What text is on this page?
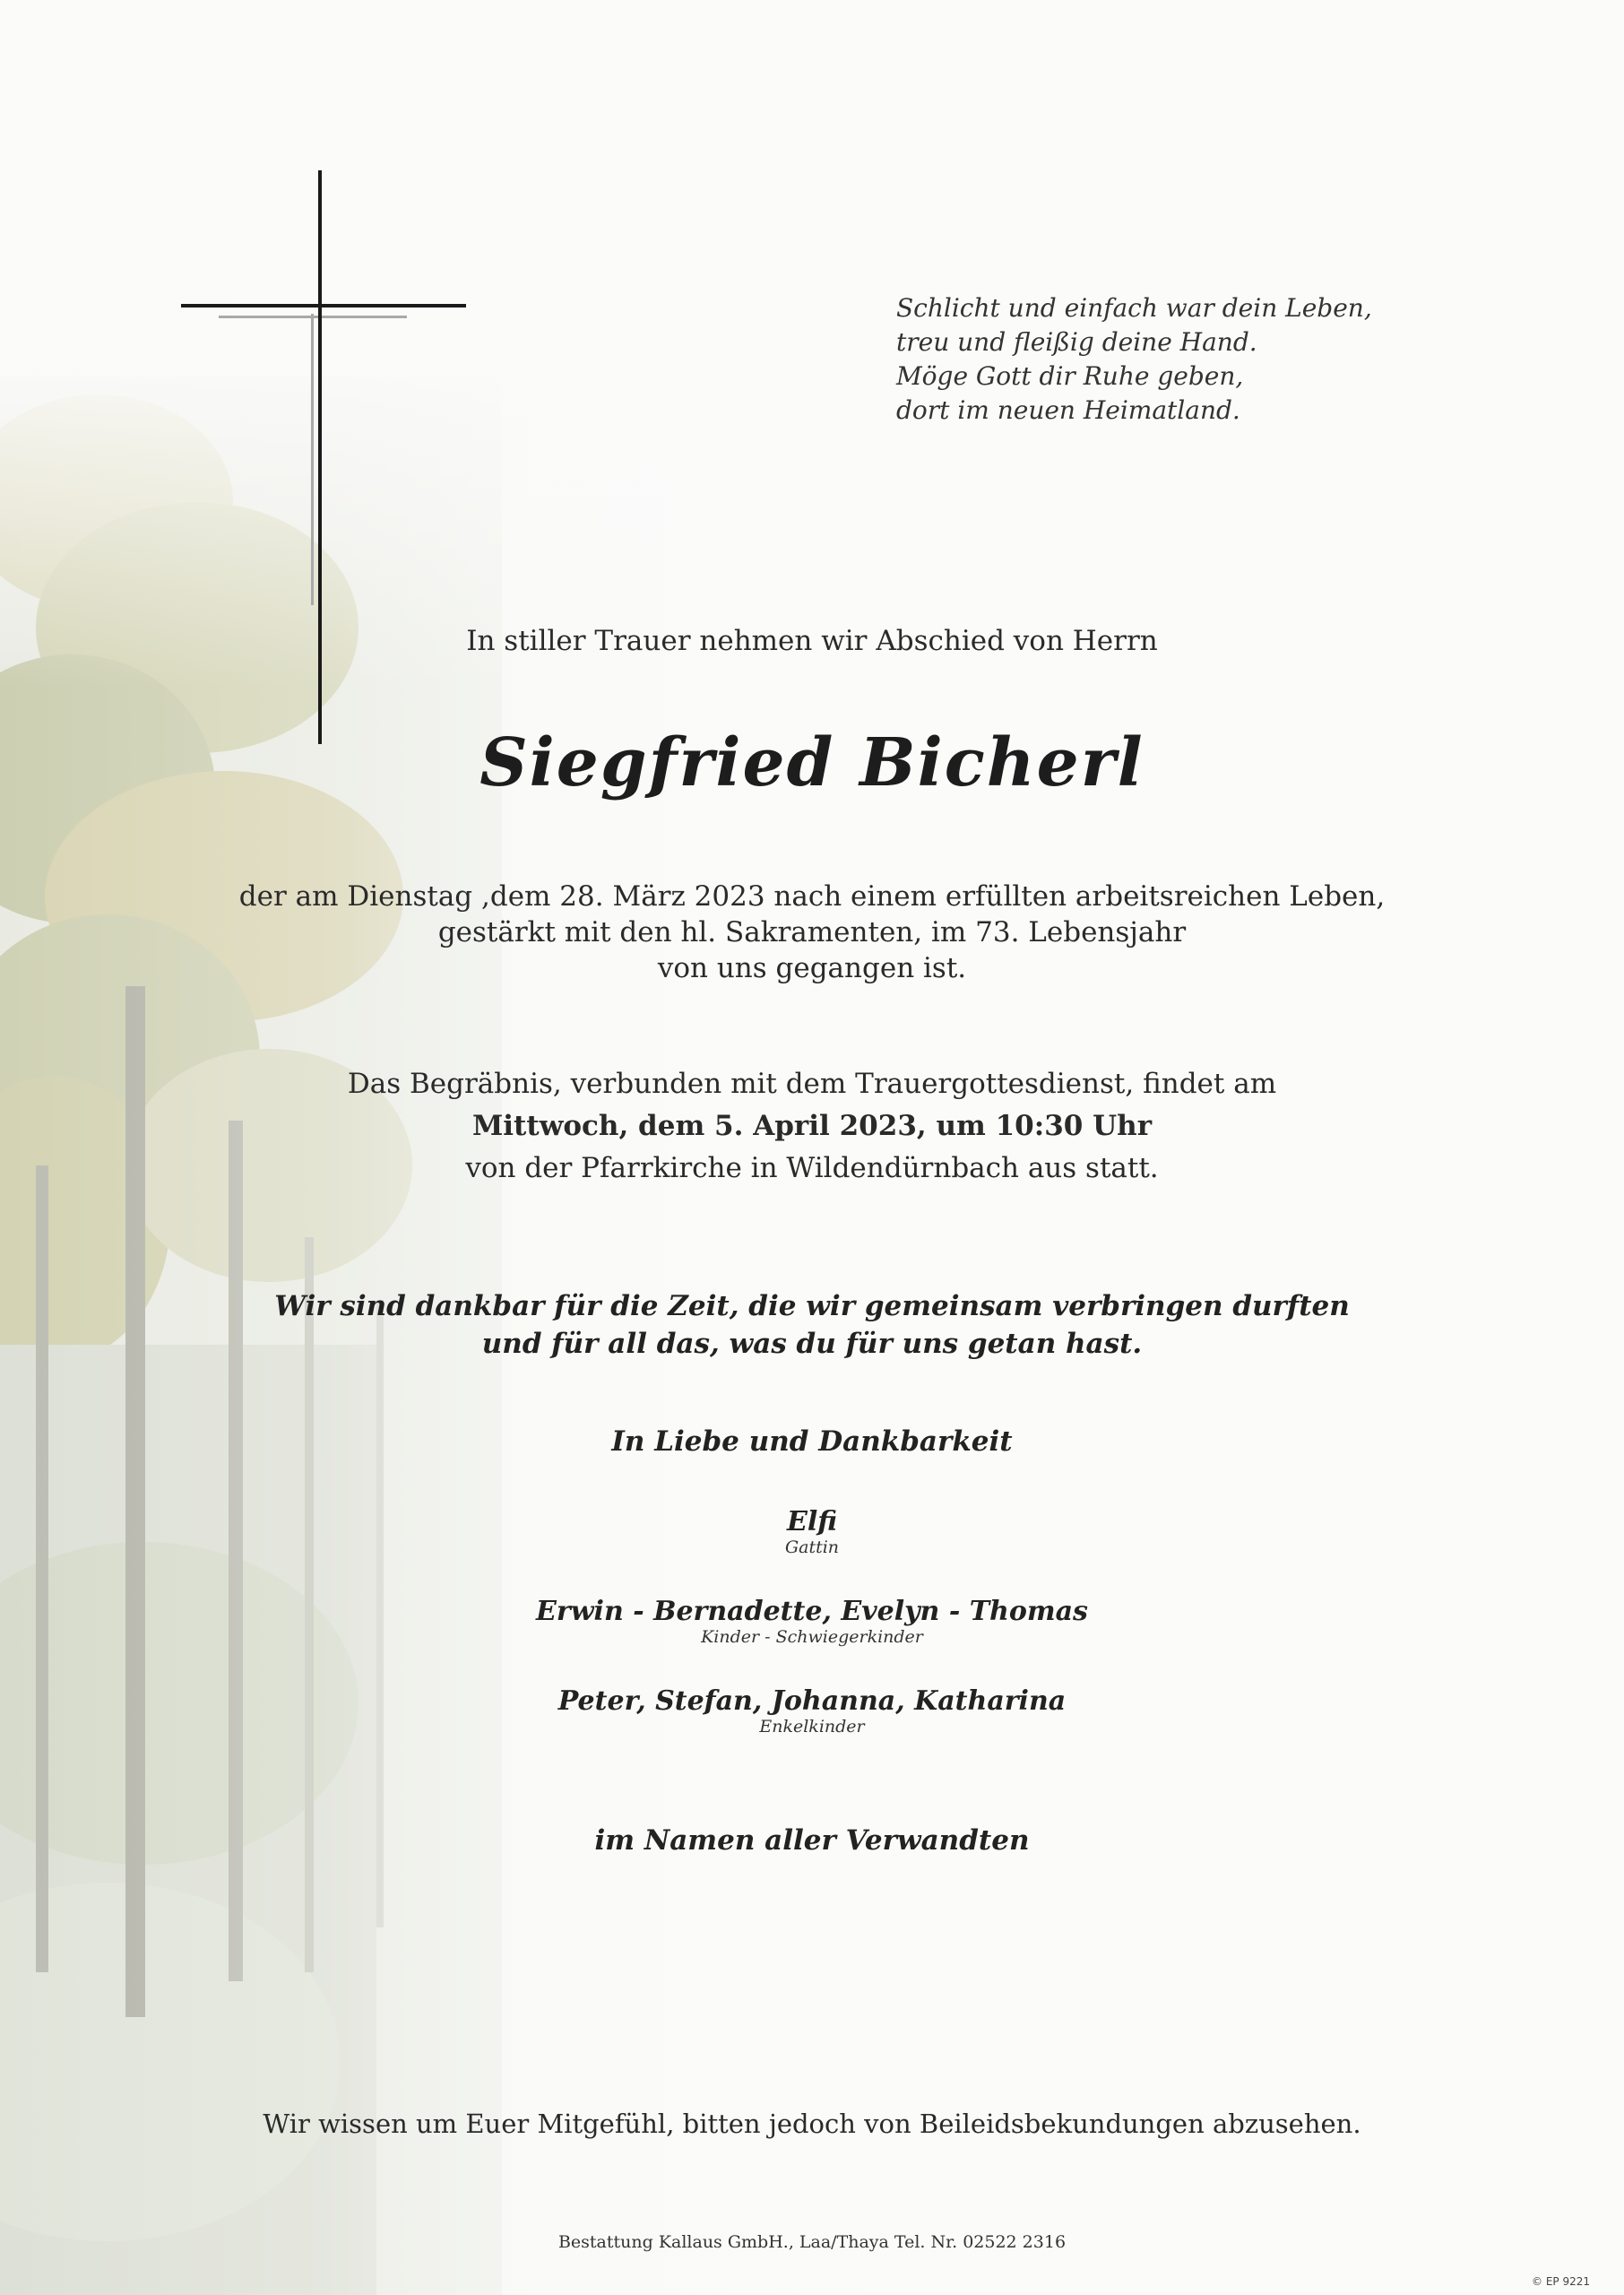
Schlicht und einfach war dein Leben,
treu und fleißig deine Hand.
Möge Gott dir Ruhe geben,
dort im neuen Heimatland.
In stiller Trauer nehmen wir Abschied von Herrn
Siegfried Bicherl
der am Dienstag ,dem 28. März 2023 nach einem erfüllten arbeitsreichen Leben,
gestärkt mit den hl. Sakramenten, im 73. Lebensjahr
von uns gegangen ist.
Das Begräbnis, verbunden mit dem Trauergottesdienst, findet am
Mittwoch, dem 5. April 2023, um 10:30 Uhr
von der Pfarrkirche in Wildendürnbach aus statt.
Wir sind dankbar für die Zeit, die wir gemeinsam verbringen durften
und für all das, was du für uns getan hast.
In Liebe und Dankbarkeit
Elfi
Gattin
Erwin - Bernadette, Evelyn - Thomas
Kinder - Schwiegerkinder
Peter, Stefan, Johanna, Katharina
Enkelkinder
im Namen aller Verwandten
Wir wissen um Euer Mitgefühl, bitten jedoch von Beileidsbekundungen abzusehen.
Bestattung Kallaus GmbH., Laa/Thaya Tel. Nr. 02522 2316
© EP 9221
